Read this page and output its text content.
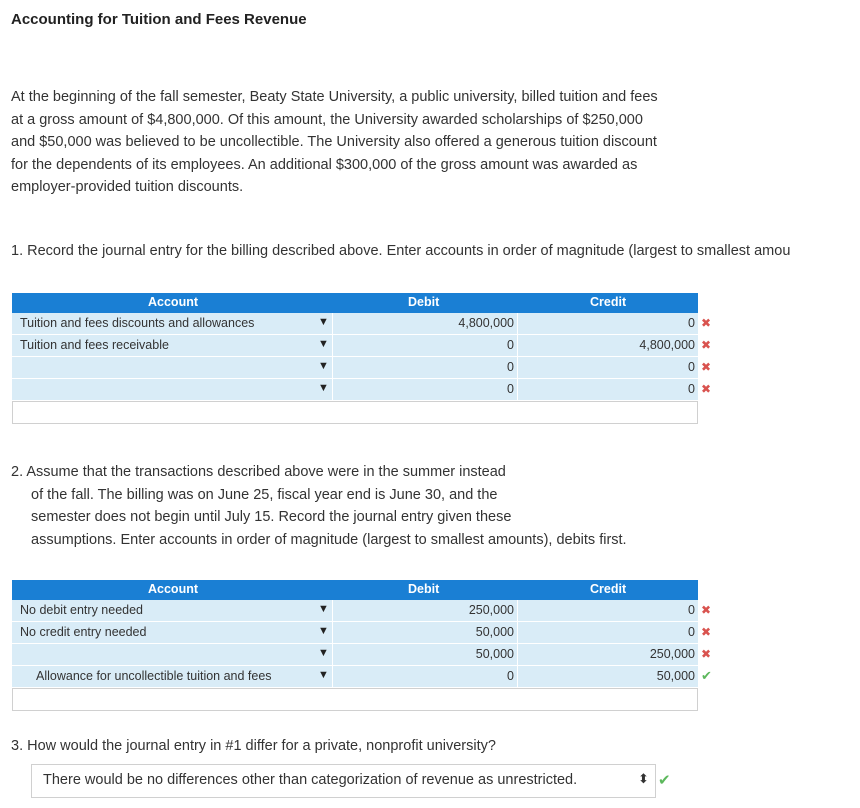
Accounting for Tuition and Fees Revenue
At the beginning of the fall semester, Beaty State University, a public university, billed tuition and fees at a gross amount of $4,800,000. Of this amount, the University awarded scholarships of $250,000 and $50,000 was believed to be uncollectible. The University also offered a generous tuition discount for the dependents of its employees. An additional $300,000 of the gross amount was awarded as employer-provided tuition discounts.
1. Record the journal entry for the billing described above. Enter accounts in order of magnitude (largest to smallest amou
Account	Debit	Credit
Tuition and fees discounts and allowances	▼	4,800,000	0 ✖
Tuition and fees receivable	▼	0	4,800,000 ✖
▼	0	0 ✖
▼	0	0 ✖
2. Assume that the transactions described above were in the summer instead
of the fall. The billing was on June 25, fiscal year end is June 30, and the
semester does not begin until July 15. Record the journal entry given these
assumptions. Enter accounts in order of magnitude (largest to smallest amounts), debits first.
Account	Debit	Credit
No debit entry needed	▼	250,000	0 ✖
No credit entry needed	▼	50,000	0 ✖
▼	50,000	250,000 ✖
Allowance for uncollectible tuition and fees	▼	0	50,000 ✔
3. How would the journal entry in #1 differ for a private, nonprofit university?
There would be no differences other than categorization of revenue as unrestricted.	⬍ ✔
